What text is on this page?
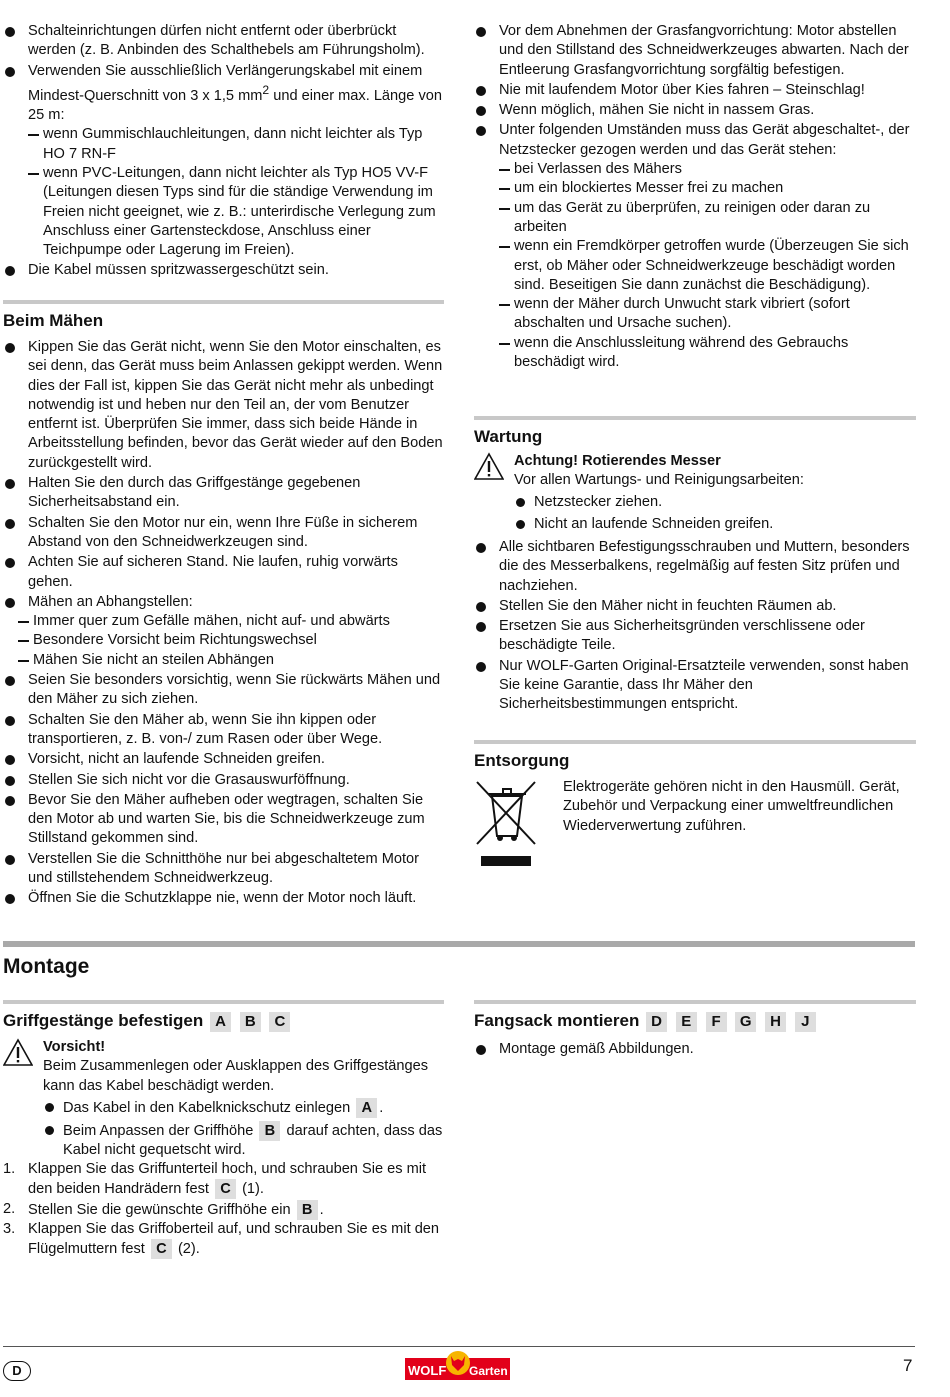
Schalteinrichtungen dürfen nicht entfernt oder überbrückt werden (z. B. Anbinden des Schalthebels am Führungsholm).
Verwenden Sie ausschließlich Verlängerungskabel mit einem Mindest-Querschnitt von 3 x 1,5 $mm^2$ und einer max. Länge von 25 m:
wenn Gummischlauchleitungen, dann nicht leichter als Typ HO 7 RN-F
wenn PVC-Leitungen, dann nicht leichter als Typ HO5 VV-F (Leitungen diesen Typs sind für die ständige Verwendung im Freien nicht geeignet, wie z. B.: unterirdische Verlegung zum Anschluss einer Gartensteckdose, Anschluss einer Teichpumpe oder Lagerung im Freien).
Die Kabel müssen spritzwassergeschützt sein.
Beim Mähen
Kippen Sie das Gerät nicht, wenn Sie den Motor einschalten, es sei denn, das Gerät muss beim Anlassen gekippt werden. Wenn dies der Fall ist, kippen Sie das Gerät nicht mehr als unbedingt notwendig ist und heben nur den Teil an, der vom Benutzer entfernt ist. Überprüfen Sie immer, dass sich beide Hände in Arbeitsstellung befinden, bevor das Gerät wieder auf den Boden zurückgestellt wird.
Halten Sie den durch das Griffgestänge gegebenen Sicherheitsabstand ein.
Schalten Sie den Motor nur ein, wenn Ihre Füße in sicherem Abstand von den Schneidwerkzeugen sind.
Achten Sie auf sicheren Stand. Nie laufen, ruhig vorwärts gehen.
Mähen an Abhangstellen:
Immer quer zum Gefälle mähen, nicht auf- und abwärts
Besondere Vorsicht beim Richtungswechsel
Mähen Sie nicht an steilen Abhängen
Seien Sie besonders vorsichtig, wenn Sie rückwärts Mähen und den Mäher zu sich ziehen.
Schalten Sie den Mäher ab, wenn Sie ihn kippen oder transportieren, z. B. von-/ zum Rasen oder über Wege.
Vorsicht, nicht an laufende Schneiden greifen.
Stellen Sie sich nicht vor die Grasauswurföffnung.
Bevor Sie den Mäher aufheben oder wegtragen, schalten Sie den Motor ab und warten Sie, bis die Schneidwerkzeuge zum Stillstand gekommen sind.
Verstellen Sie die Schnitthöhe nur bei abgeschaltetem Motor und stillstehendem Schneidwerkzeug.
Öffnen Sie die Schutzklappe nie, wenn der Motor noch läuft.
Vor dem Abnehmen der Grasfangvorrichtung: Motor abstellen und den Stillstand des Schneidwerkzeuges abwarten. Nach der Entleerung Grasfangvorrichtung sorgfältig befestigen.
Nie mit laufendem Motor über Kies fahren – Steinschlag!
Wenn möglich, mähen Sie nicht in nassem Gras.
Unter folgenden Umständen muss das Gerät abgeschaltet-, der Netzstecker gezogen werden und das Gerät stehen:
bei Verlassen des Mähers
um ein blockiertes Messer frei zu machen
um das Gerät zu überprüfen, zu reinigen oder daran zu arbeiten
wenn ein Fremdkörper getroffen wurde (Überzeugen Sie sich erst, ob Mäher oder Schneidwerkzeuge beschädigt worden sind. Beseitigen Sie dann zunächst die Beschädigung).
wenn der Mäher durch Unwucht stark vibriert (sofort abschalten und Ursache suchen).
wenn die Anschlussleitung während des Gebrauchs beschädigt wird.
Wartung
Achtung! Rotierendes Messer
Vor allen Wartungs- und Reinigungsarbeiten:
Netzstecker ziehen.
Nicht an laufende Schneiden greifen.
Alle sichtbaren Befestigungsschrauben und Muttern, besonders die des Messerbalkens, regelmäßig auf festen Sitz prüfen und nachziehen.
Stellen Sie den Mäher nicht in feuchten Räumen ab.
Ersetzen Sie aus Sicherheitsgründen verschlissene oder beschädigte Teile.
Nur WOLF-Garten Original-Ersatzteile verwenden, sonst haben Sie keine Garantie, dass Ihr Mäher den Sicherheitsbestimmungen entspricht.
Entsorgung
Elektrogeräte gehören nicht in den Hausmüll. Gerät, Zubehör und Verpackung einer umweltfreundlichen Wiederverwertung zuführen.
Montage
Griffgestänge befestigen A B C
Vorsicht!
Beim Zusammenlegen oder Ausklappen des Griffgestänges kann das Kabel beschädigt werden.
Das Kabel in den Kabelknickschutz einlegen A .
Beim Anpassen der Griffhöhe B darauf achten, dass das Kabel nicht gequetscht wird.
1. Klappen Sie das Griffunterteil hoch, und schrauben Sie es mit den beiden Handrädern fest C (1).
2. Stellen Sie die gewünschte Griffhöhe ein B .
3. Klappen Sie das Griffoberteil auf, und schrauben Sie es mit den Flügelmuttern fest C (2).
Fangsack montieren D E F G H J
Montage gemäß Abbildungen.
D	WOLF Garten	7
